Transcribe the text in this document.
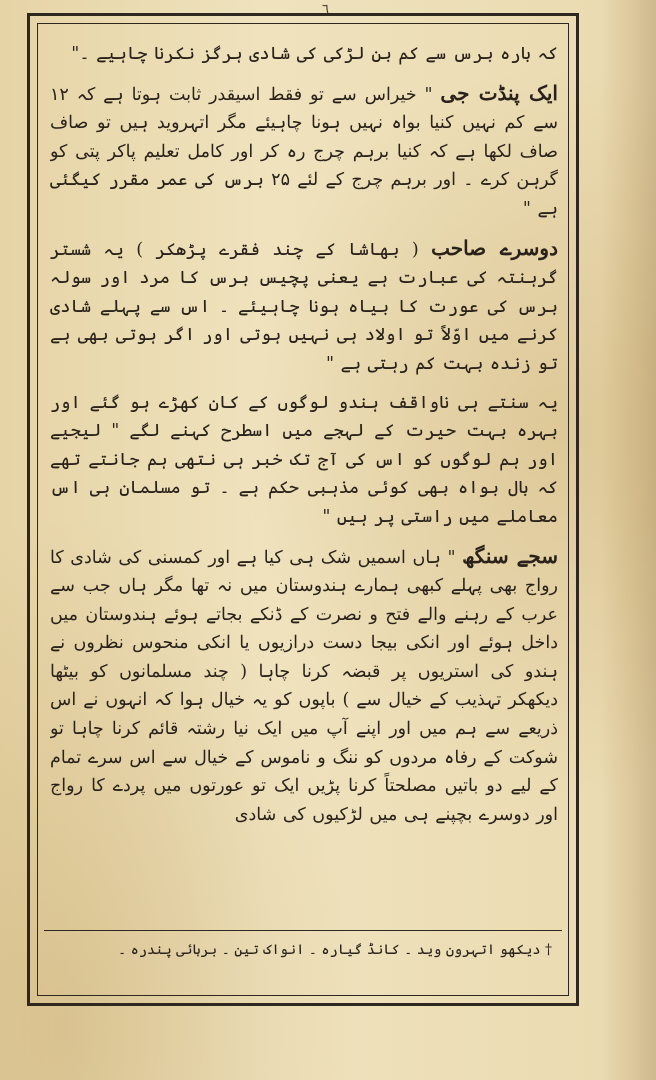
٦

کہ بارہ برس سے کم بن لڑکی کی شادی ہرگز نکرنا چاہیے ۔"

ایک پنڈت جی " خیراس سے تو فقط اسیقدر ثابت ہوتا ہے کہ ۱۲ سے کم نہیں کنیا بواہ نہیں ہونا چاہیئے مگر اتہروید ہیں تو صاف صاف لکھا ہے کہ کنیا برہم چرج رہ کر اور کامل تعلیم پاکر پتی کو گرہن کرے ۔ اور برہم چرج کے لئے ۲۵ برس کی عمر مقرر کیگئی ہے "

دوسرے صاحب ( بھاشا کے چند فقرے پڑھکر ) یہ شستر گرہنتہ کی عبارت ہے یعنی پچیس برس کا مرد اور سولہ برس کی عورت کا بیاہ ہونا چاہیئے ۔ اس سے پہلے شادی کرنے میں اوّلاً تو اولاد ہی نہیں ہوتی اور اگر ہوتی بھی ہے تو زندہ بہت کم رہتی ہے "

یہ سنتے ہی ناواقف ہندو لوگوں کے کان کھڑے ہو گئے اور بہرہ بہت حیرت کے لہجے میں اسطرح کہنے لگے " لیجیے اور ہم لوگوں کو اس کی آج تک خبر ہی نتھی ہم جانتے تھے کہ بال بواہ بھی کوئی مذہبی حکم ہے ۔ تو مسلمان ہی اس معاملے میں راستی پر ہیں "

سجے سنگھ " ہاں اسمیں شک ہی کیا ہے اور کمسنی کی شادی کا رواج بھی پہلے کبھی ہمارے ہندوستان میں نہ تھا مگر ہاں جب سے عرب کے رہنے والے فتح و نصرت کے ڈنکے بجاتے ہوئے ہندوستان میں داخل ہوئے اور انکی بیجا دست درازیوں یا انکی منحوس نظروں نے ہندو کی استریوں پر قبضہ کرنا چاہا ( چند مسلمانوں کو بیٹھا دیکھکر تہذیب کے خیال سے ) باپوں کو یہ خیال ہوا کہ انہوں نے اس ذریعے سے ہم میں اور اپنے آپ میں ایک نیا رشتہ قائم کرنا چاہا تو شوکت کے رفاہ مردوں کو ننگ و ناموس کے خیال سے اس سرے تمام کے لیے دو باتیں مصلحتاً کرنا پڑیں ایک تو عورتوں میں پردے کا رواج اور دوسرے بچپنے ہی میں لڑکیوں کی شادی

† دیکھو اتہرون وید ۔ کانڈ گیارہ ۔ انواک تین ۔ برہائی پندرہ ۔
